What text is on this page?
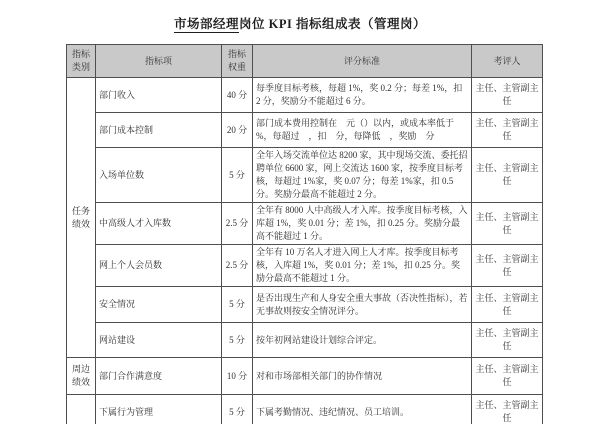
市场部经理岗位 KPI 指标组成表（管理岗）
指标类别	指标项	指标权重	评分标准	考评人
任务绩效	部门收入	40 分	每季度目标考核，每超 1%，奖 0.2 分；每差 1%，扣 2 分，奖励分不能超过 6 分。	主任、主管副主任
	部门成本控制	20 分	部门成本费用控制在　元（）以内，或成本率低于 %，每超过　，扣　分，每降低　，奖励　分	主任、主管副主任
	入场单位数	5 分	全年入场交流单位达 8200 家，其中现场交流、委托招聘单位 6600 家，网上交流达 1600 家，按季度目标考核，每超过 1%家，奖 0.07 分；每差 1%家，扣 0.5 分。奖励分最高不能超过 2 分。	主任、主管副主任
	中高级人才入库数	2.5 分	全年有 8000 人中高级人才入库。按季度目标考核，入库超 1%，奖 0.01 分；差 1%，扣 0.25 分。奖励分最高不能超过 1 分。	主任、主管副主任
	网上个人会员数	2.5 分	全年有 10 万名人才进入网上人才库。按季度目标考核，入库超 1%，奖 0.01 分；差 1%，扣 0.25 分。奖励分最高不能超过 1 分。	主任、主管副主任
	安全情况	5 分	是否出现生产和人身安全重大事故（否决性指标），若无事故则按安全情况评分。	主任、主管副主任
	网站建设	5 分	按年初网站建设计划综合评定。	主任、主管副主任
周边绩效	部门合作满意度	10 分	对和市场部相关部门的协作情况	主任、主管副主任
	下属行为管理	5 分	下属考勤情况、违纪情况、员工培训。	主任、主管副主任
